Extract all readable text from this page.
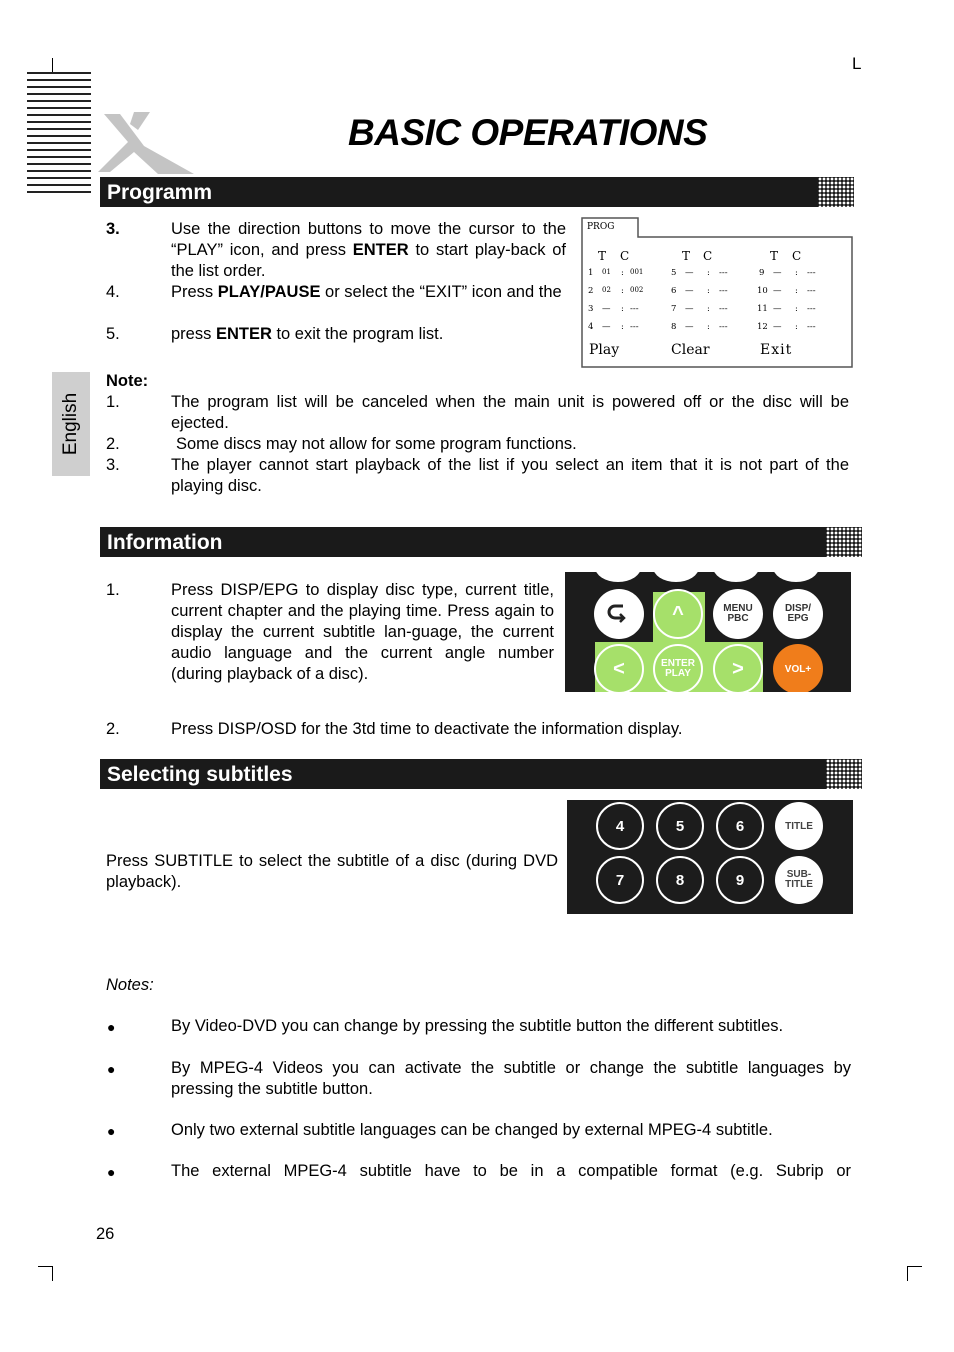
L
BASIC OPERATIONS
English
Programm
3.	Use the direction buttons to move the cursor to the “PLAY” icon, and press ENTER to start play-back of the list order.
4.	Press PLAY/PAUSE or select the “EXIT” icon and the
5.	press ENTER to exit the program list.
PROG
T C	T C	T C
1 01 : 001	5 — : ---	9 — : ---
2 02 : 002	6 — : ---	10 — : ---
3 — : ---	7 — : ---	11 — : ---
4 — : ---	8 — : ---	12 — : ---
Play	Clear	Exit
Note:
1.	The program list will be canceled when the main unit is powered off or the disc will be ejected.
2.	Some discs may not allow for some program functions.
3.	The player cannot start playback of the list if you select an item that it is not part of the playing disc.
Information
1.	Press DISP/EPG to display disc type, current title, current chapter and the playing time. Press again to display the current subtitle lan-guage, the current audio language and the current angle number (during playback of a disc).
2.	Press DISP/OSD for the 3td time to deactivate the information display.
^	MENU PBC
DISP/ EPG
<	ENTER PLAY	>	VOL+
Selecting subtitles
Press SUBTITLE to select the subtitle of a disc (during DVD playback).
4	5	6	TITLE
7	8	9	SUB-TITLE
Notes:
●	By Video-DVD you can change by pressing the subtitle button the different subtitles.
●	By MPEG-4 Videos you can activate the subtitle or change the subtitle languages by pressing the subtitle button.
●	Only two external subtitle languages can be changed by external MPEG-4 subtitle.
●	The external MPEG-4 subtitle have to be in a compatible format (e.g. Subrip or
26
